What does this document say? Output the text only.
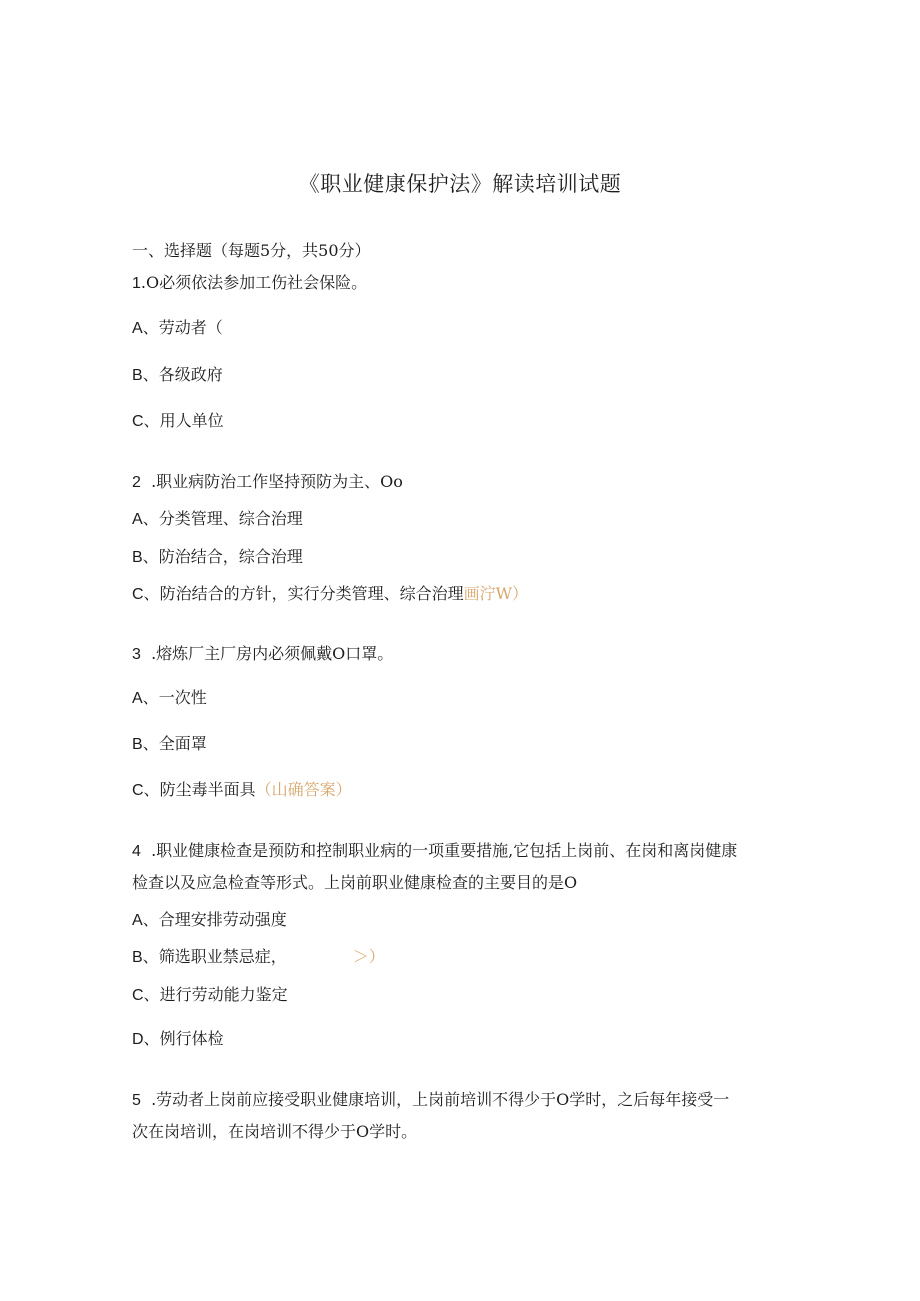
《职业健康保护法》解读培训试题
一、选择题（每题5分，共50分）
1.O必须依法参加工伤社会保险。
A、劳动者（
B、各级政府
C、用人单位
2 .职业病防治工作坚持预防为主、Oo
A、分类管理、综合治理
B、防治结合，综合治理
C、防治结合的方针，实行分类管理、综合治理画泞W）
3 .熔炼厂主厂房内必须佩戴O口罩。
A、一次性
B、全面罩
C、防尘毒半面具（山确答案）
4 .职业健康检查是预防和控制职业病的一项重要措施,它包括上岗前、在岗和离岗健康
检查以及应急检查等形式。上岗前职业健康检查的主要目的是O
A、合理安排劳动强度
B、筛选职业禁忌症，	＞）
C、进行劳动能力鉴定
D、例行体检
5 .劳动者上岗前应接受职业健康培训，上岗前培训不得少于O学时，之后每年接受一
次在岗培训，在岗培训不得少于O学时。
